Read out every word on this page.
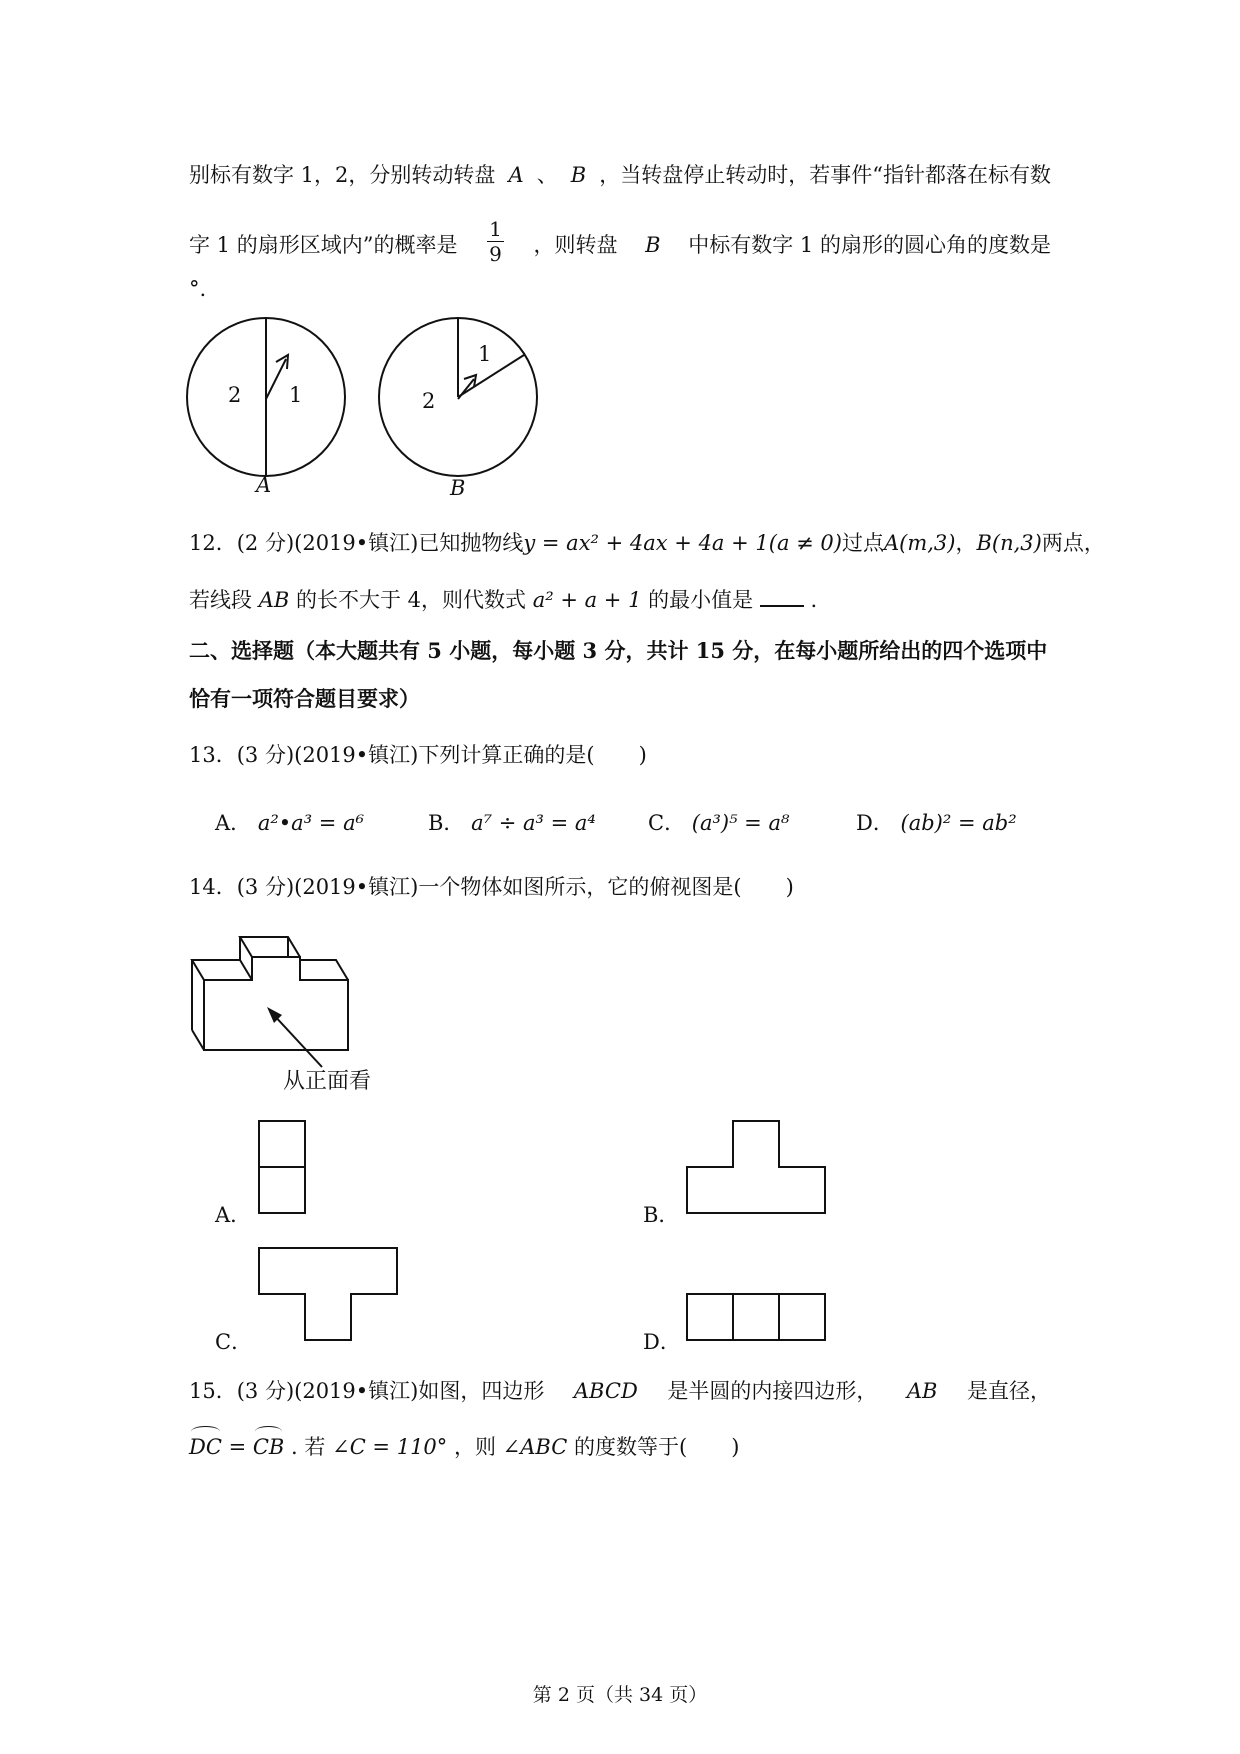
别标有数字 1，2，分别转动转盘 A 、 B ，当转盘停止转动时，若事件“指针都落在标有数
字 1 的扇形区域内”的概率是 $\frac{1}{9}$ ，则转盘 B 中标有数字 1 的扇形的圆心角的度数是
°.
2 1
A
2
1
B
12．(2 分)(2019•镇江)已知抛物线 y = ax² + 4ax + 4a + 1(a ≠ 0) 过点 A(m,3) ， B(n,3) 两点，
若线段 AB 的长不大于 4，则代数式 a² + a + 1 的最小值是	.
二、选择题（本大题共有 5 小题，每小题 3 分，共计 15 分，在每小题所给出的四个选项中
恰有一项符合题目要求）
13．(3 分)(2019•镇江)下列计算正确的是( )
A． a²•a³ = a⁶	B． a⁷ ÷ a³ = a⁴ C． (a³)⁵ = a⁸	D． (ab)² = ab²
14．(3 分)(2019•镇江)一个物体如图所示，它的俯视图是( )
从正面看
A．	B．
C．	D．
15．(3 分)(2019•镇江)如图，四边形 ABCD 是半圆的内接四边形， AB 是直径，
DC = CB . 若 ∠C = 110° ，则 ∠ABC 的度数等于( )
第 2 页（共 34 页）
